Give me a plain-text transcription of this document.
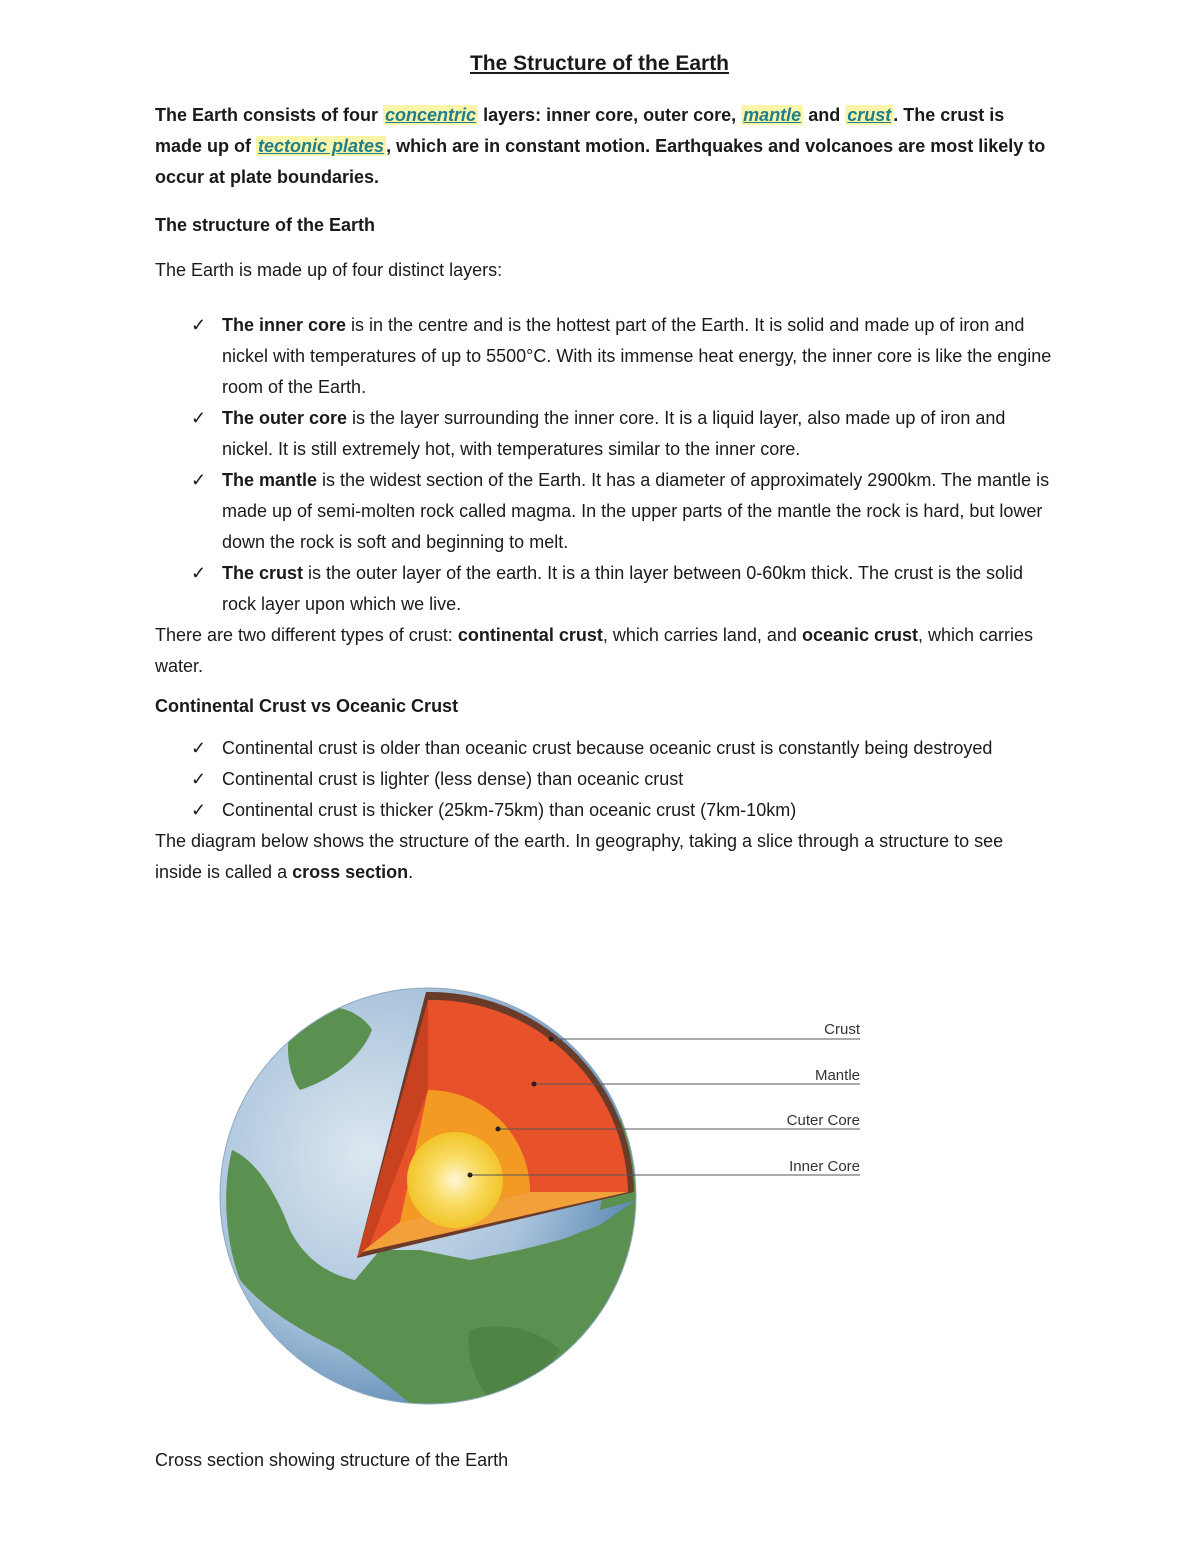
The Structure of the Earth

The Earth consists of four concentric layers: inner core, outer core, mantle and crust . The crust is made up of tectonic plates , which are in constant motion. Earthquakes and volcanoes are most likely to occur at plate boundaries.

The structure of the Earth

The Earth is made up of four distinct layers:

✓ The inner core is in the centre and is the hottest part of the Earth. It is solid and made up of iron and nickel with temperatures of up to 5500°C. With its immense heat energy, the inner core is like the engine room of the Earth.
✓ The outer core is the layer surrounding the inner core. It is a liquid layer, also made up of iron and nickel. It is still extremely hot, with temperatures similar to the inner core.
✓ The mantle is the widest section of the Earth. It has a diameter of approximately 2900km. The mantle is made up of semi-molten rock called magma. In the upper parts of the mantle the rock is hard, but lower down the rock is soft and beginning to melt.
✓ The crust is the outer layer of the earth. It is a thin layer between 0-60km thick. The crust is the solid rock layer upon which we live.

There are two different types of crust: continental crust, which carries land, and oceanic crust, which carries water.

Continental Crust vs Oceanic Crust

✓ Continental crust is older than oceanic crust because oceanic crust is constantly being destroyed
✓ Continental crust is lighter (less dense) than oceanic crust
✓ Continental crust is thicker (25km-75km) than oceanic crust (7km-10km)

The diagram below shows the structure of the earth. In geography, taking a slice through a structure to see inside is called a cross section.

Crust
Mantle
Cuter Core
Inner Core

Cross section showing structure of the Earth
